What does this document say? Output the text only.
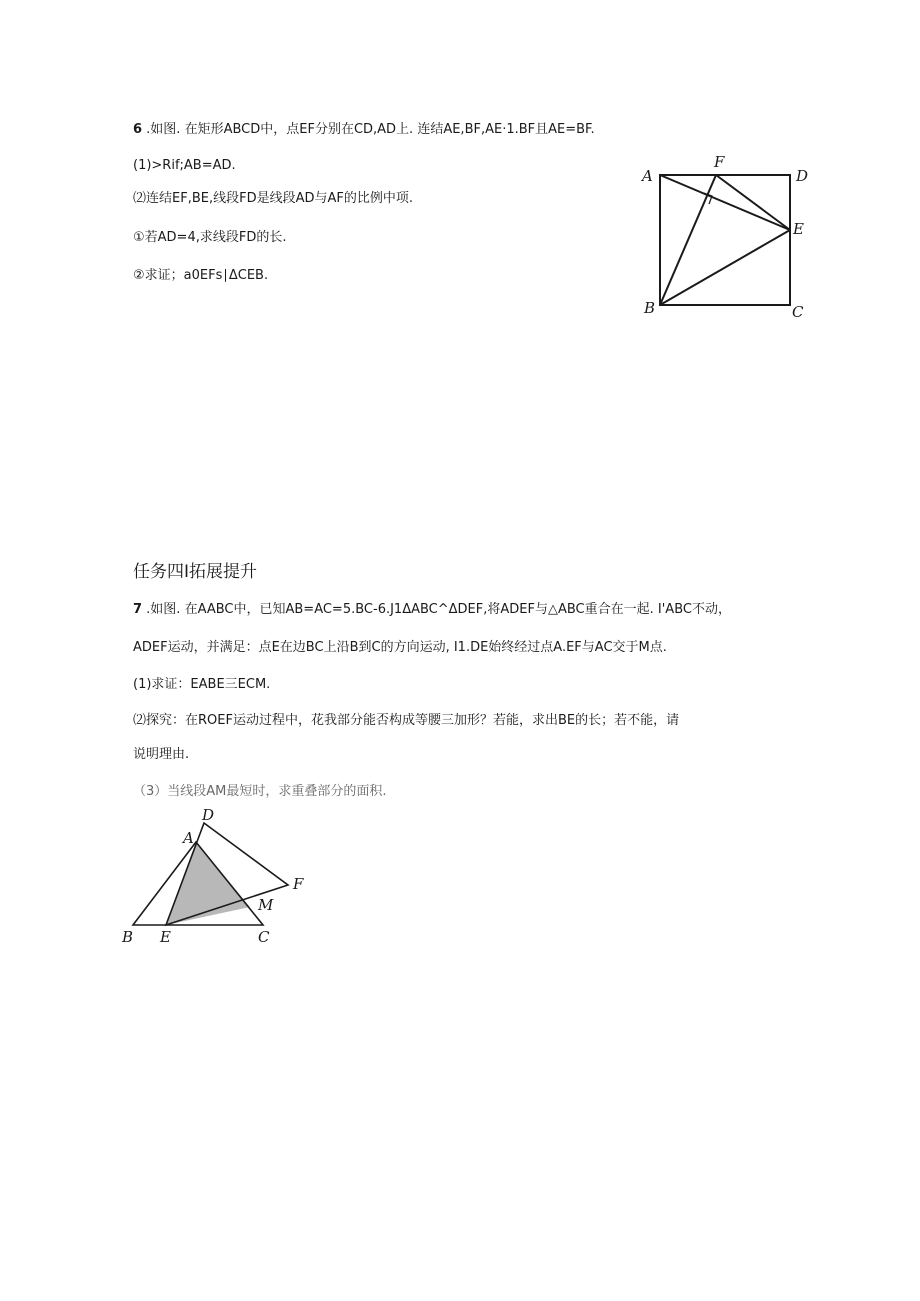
6 .如图. 在矩形ABCD中，点EF分别在CD,AD上. 连结AE,BF,AE·1.BF且AE=BF.
(1)>Rif;AB=AD.
⑵连结EF,BE,线段FD是线段AD与AF的比例中项.
①若AD=4,求线段FD的长.
②求证；a0EFs∣ΔCEB.
A
F
D
E
B	C
任务四I拓展提升
7 .如图. 在AABC中，已知AB=AC=5.BC-6.J1ΔABC^ΔDEF,将ADEF与△ABC重合在一起. I'ABC不动，
ADEF运动，并满足：点E在边BC上沿B到C的方向运动, I1.DE始终经过点A.EF与AC交于M点.
(1)求证：EABE三ECM.
⑵探究：在ROEF运动过程中，花我部分能否构成等腰三加形？若能，求出BE的长；若不能，请
说明理由.
（3）当线段AM最短时，求重叠部分的面积.
D
A
F
M
B E	C
